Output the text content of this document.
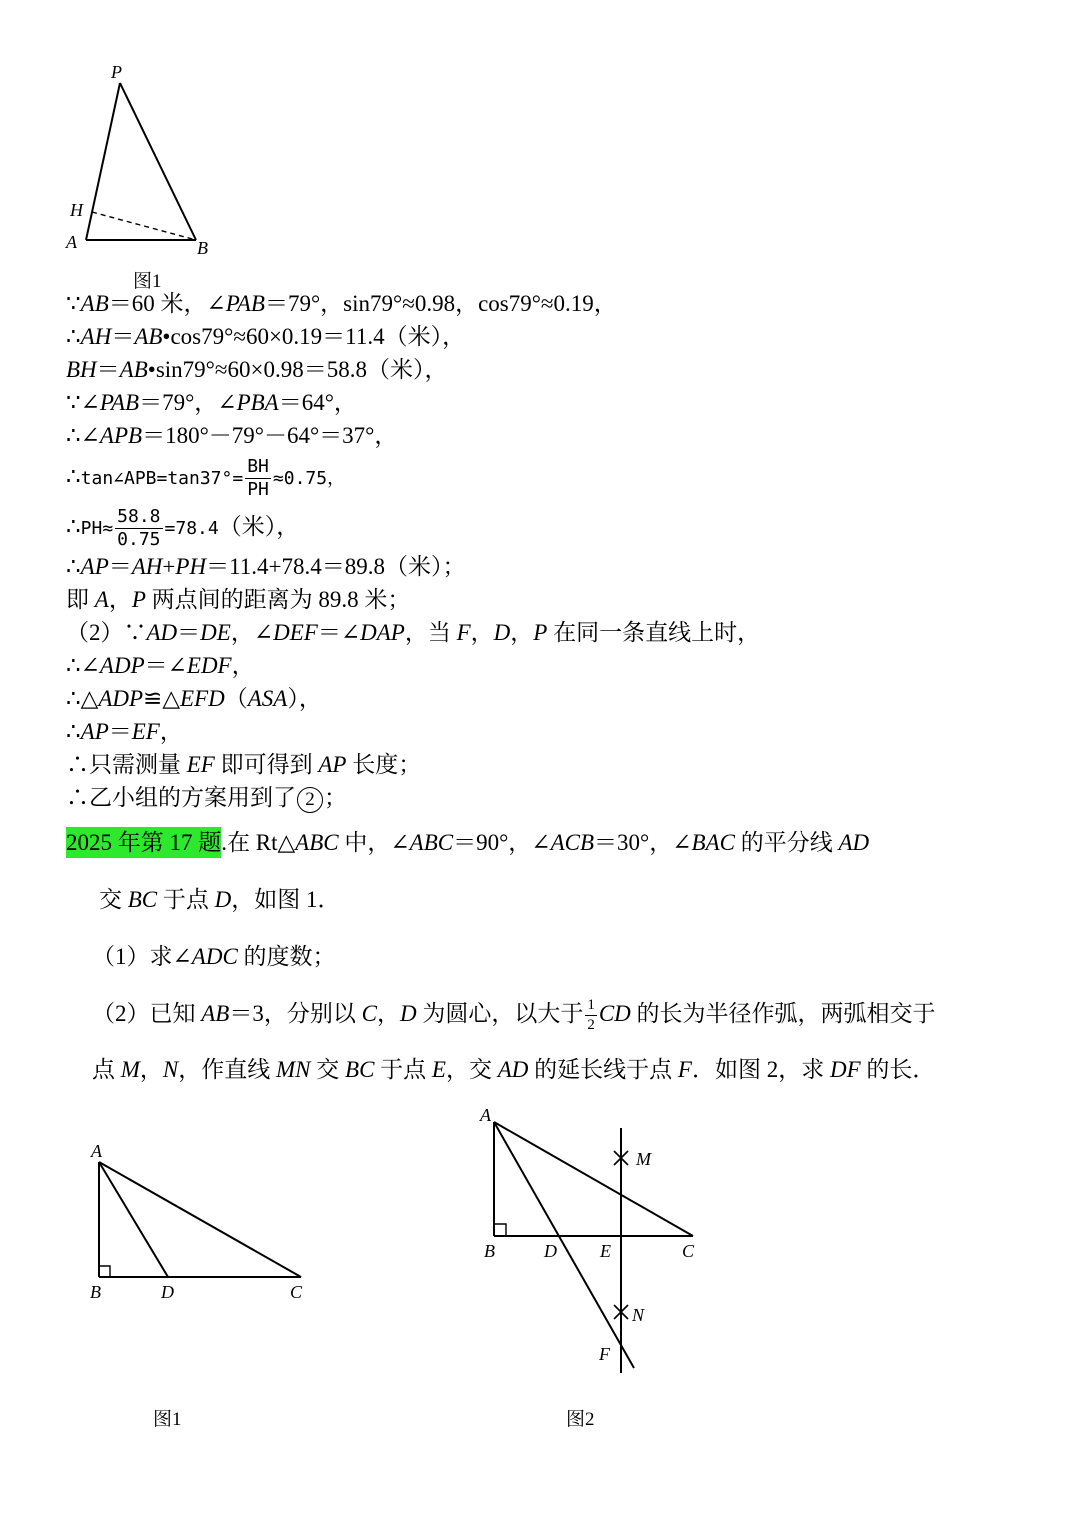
P
H
A	B
图1
∵AB＝60 米，∠PAB＝79°，sin79°≈0.98，cos79°≈0.19，
∴AH＝AB•cos79°≈60×0.19＝11.4（米），
BH＝AB•sin79°≈60×0.98＝58.8（米），
∵∠PAB＝79°，∠PBA＝64°，
∴∠APB＝180°－79°－64°＝37°，
∴tan∠APB=tan37°= $\frac{BH}{PH} \approx 0.75$，
∴PH≈ $\frac{58.8}{0.75} =78.4$（米），
∴AP＝AH+PH＝11.4+78.4＝89.8（米）；
即 A，P 两点间的距离为 89.8 米；
（2）∵AD＝DE，∠DEF＝∠DAP，当 F，D，P 在同一条直线上时，
∴∠ADP＝∠EDF，
∴△ADP≌△EFD（ASA），
∴AP＝EF，
∴只需测量 EF 即可得到 AP 长度；
∴乙小组的方案用到了 2 ；
2025 年第 17 题.在 Rt△ABC 中，∠ABC＝90°，∠ACB＝30°，∠BAC 的平分线 AD
交 BC 于点 D，如图 1．
（1）求∠ADC 的度数；
（2）已知 AB＝3，分别以 C，D 为圆心，以大于 $\frac{1}{2}$ CD 的长为半径作弧，两弧相交于
点 M，N，作直线 MN 交 BC 于点 E，交 AD 的延长线于点 F．如图 2，求 DF 的长．
A
B	D	C
图1
A
M
B	D E	C
N
F
图2
